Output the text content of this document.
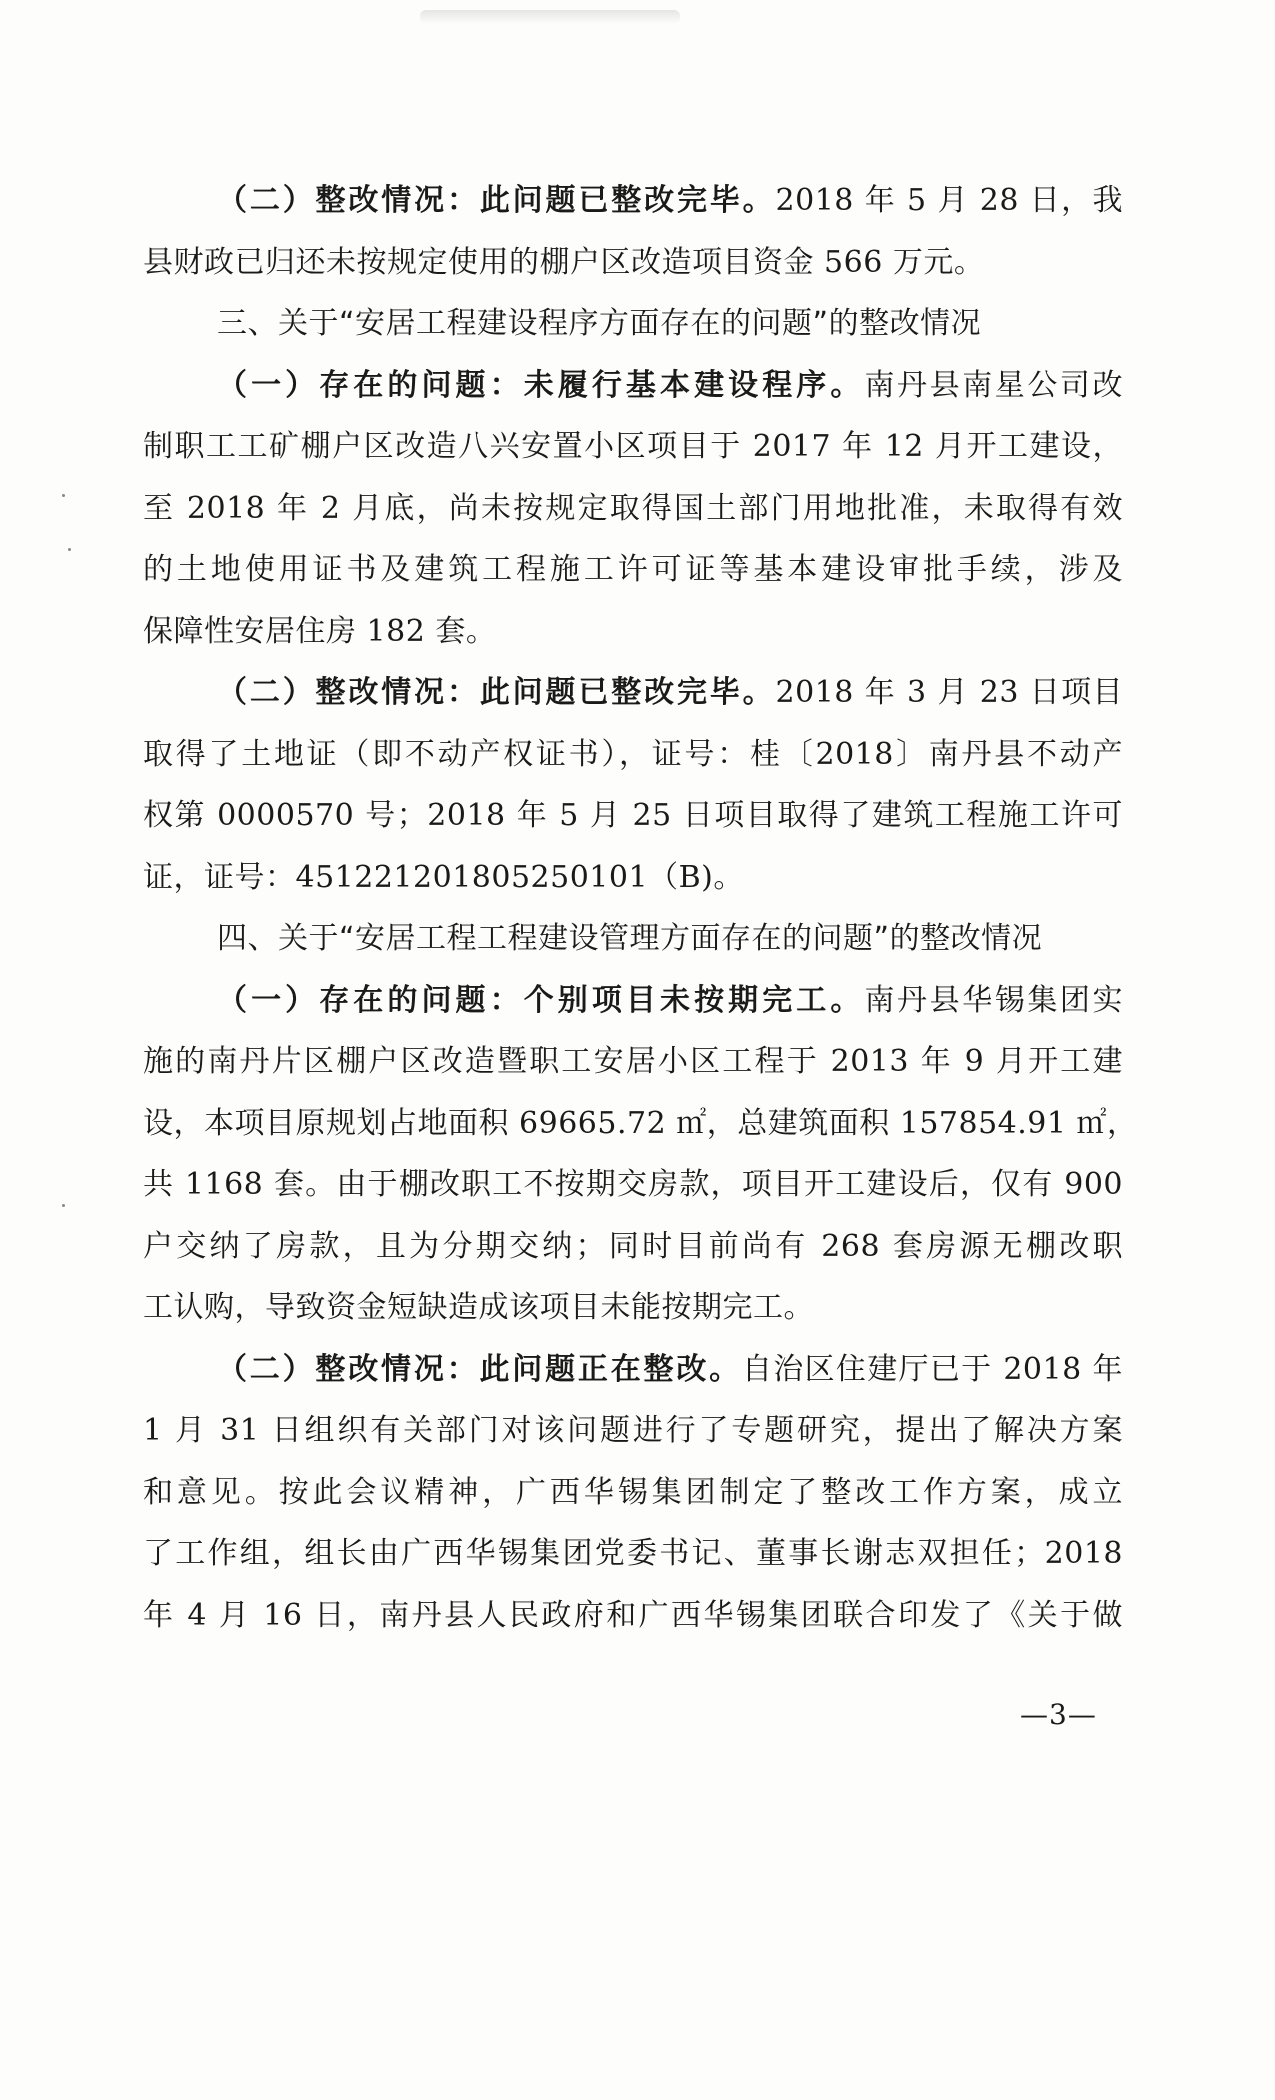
（二）整改情况：此问题已整改完毕。2018 年 5 月 28 日，我
县财政已归还未按规定使用的棚户区改造项目资金 566 万元。
三、关于“安居工程建设程序方面存在的问题”的整改情况
（一）存在的问题：未履行基本建设程序。南丹县南星公司改
制职工工矿棚户区改造八兴安置小区项目于 2017 年 12 月开工建设，
至 2018 年 2 月底，尚未按规定取得国土部门用地批准，未取得有效
的土地使用证书及建筑工程施工许可证等基本建设审批手续，涉及
保障性安居住房 182 套。
（二）整改情况：此问题已整改完毕。2018 年 3 月 23 日项目
取得了土地证（即不动产权证书），证号：桂〔2018〕南丹县不动产
权第 0000570 号；2018 年 5 月 25 日项目取得了建筑工程施工许可
证，证号：451221201805250101（B)。
四、关于“安居工程工程建设管理方面存在的问题”的整改情况
（一）存在的问题：个别项目未按期完工。南丹县华锡集团实
施的南丹片区棚户区改造暨职工安居小区工程于 2013 年 9 月开工建
设，本项目原规划占地面积 69665.72 ㎡，总建筑面积 157854.91 ㎡，
共 1168 套。由于棚改职工不按期交房款，项目开工建设后，仅有 900
户交纳了房款，且为分期交纳；同时目前尚有 268 套房源无棚改职
工认购，导致资金短缺造成该项目未能按期完工。
（二）整改情况：此问题正在整改。自治区住建厅已于 2018 年
1 月 31 日组织有关部门对该问题进行了专题研究，提出了解决方案
和意见。按此会议精神，广西华锡集团制定了整改工作方案，成立
了工作组，组长由广西华锡集团党委书记、董事长谢志双担任；2018
年 4 月 16 日，南丹县人民政府和广西华锡集团联合印发了《关于做
—3—
